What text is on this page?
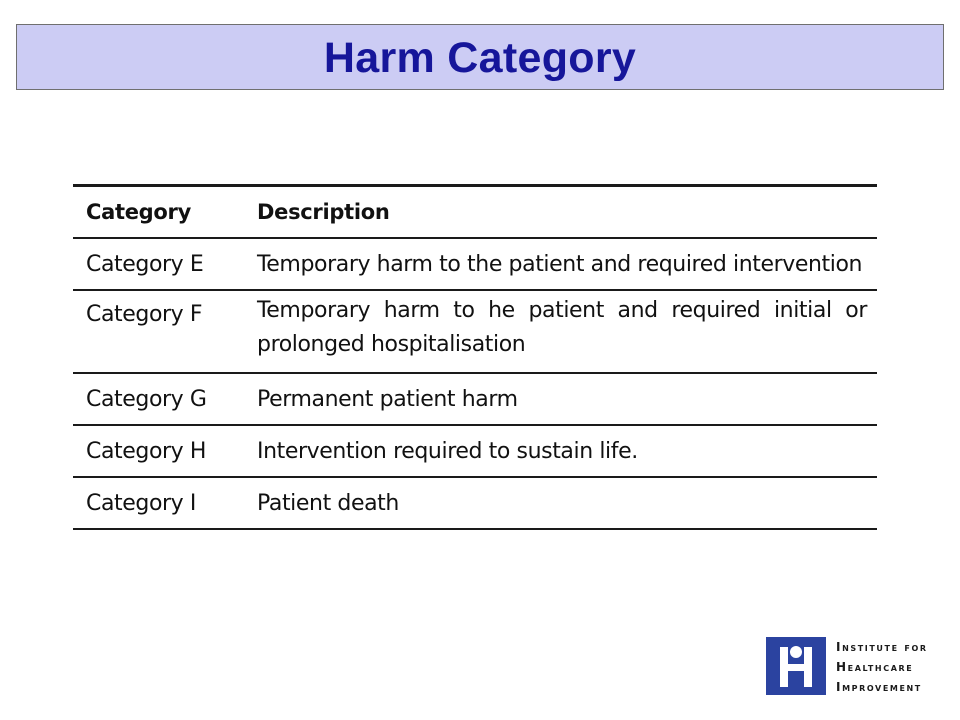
Harm Category
Category	Description
Category E	Temporary harm to the patient and required intervention
Category F	Temporary harm to he patient and required initial or prolonged hospitalisation
Category G	Permanent patient harm
Category H	Intervention required to sustain life.
Category I	Patient death
Institute for
Healthcare
Improvement
